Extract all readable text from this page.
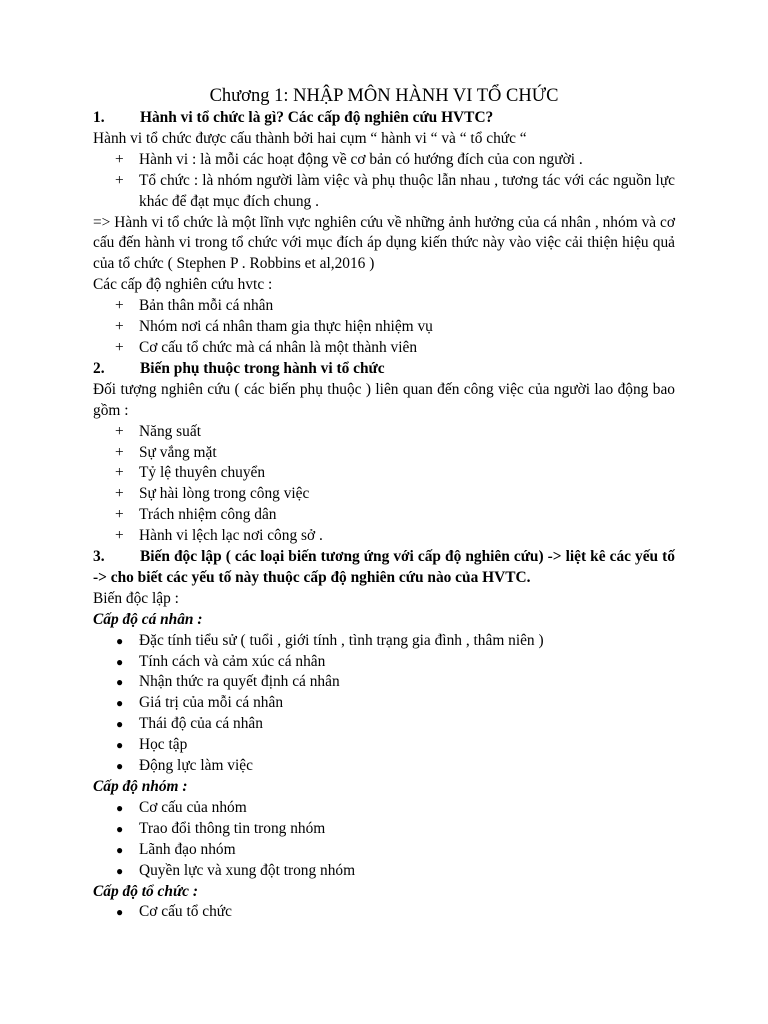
Chương 1: NHẬP MÔN HÀNH VI TỔ CHỨC

1. Hành vi tổ chức là gì? Các cấp độ nghiên cứu HVTC?

Hành vi tổ chức được cấu thành bởi hai cụm “ hành vi “ và “ tổ chức “

+ Hành vi : là mỗi các hoạt động về cơ bản có hướng đích của con người .
+ Tổ chức : là nhóm người làm việc và phụ thuộc lẫn nhau , tương tác với các nguồn lực khác để đạt mục đích chung .

=> Hành vi tổ chức là một lĩnh vực nghiên cứu về những ảnh hưởng của cá nhân , nhóm và cơ cấu đến hành vi trong tổ chức với mục đích áp dụng kiến thức này vào việc cải thiện hiệu quả của tổ chức ( Stephen P . Robbins et al,2016 )

Các cấp độ nghiên cứu hvtc :

+ Bản thân mỗi cá nhân
+ Nhóm nơi cá nhân tham gia thực hiện nhiệm vụ
+ Cơ cấu tổ chức mà cá nhân là một thành viên

2. Biến phụ thuộc trong hành vi tổ chức

Đối tượng nghiên cứu ( các biến phụ thuộc ) liên quan đến công việc của người lao động bao gồm :

+ Năng suất
+ Sự vắng mặt
+ Tỷ lệ thuyên chuyển
+ Sự hài lòng trong công việc
+ Trách nhiệm công dân
+ Hành vi lệch lạc nơi công sở .

3. Biến độc lập ( các loại biến tương ứng với cấp độ nghiên cứu) -> liệt kê các yếu tố -> cho biết các yếu tố này thuộc cấp độ nghiên cứu nào của HVTC.

Biến độc lập :

Cấp độ cá nhân :

● Đặc tính tiểu sử ( tuổi , giới tính , tình trạng gia đình , thâm niên )
● Tính cách và cảm xúc cá nhân
● Nhận thức ra quyết định cá nhân
● Giá trị của mỗi cá nhân
● Thái độ của cá nhân
● Học tập
● Động lực làm việc

Cấp độ nhóm :

● Cơ cấu của nhóm
● Trao đổi thông tin trong nhóm
● Lãnh đạo nhóm
● Quyền lực và xung đột trong nhóm

Cấp độ tổ chức :

● Cơ cấu tổ chức
